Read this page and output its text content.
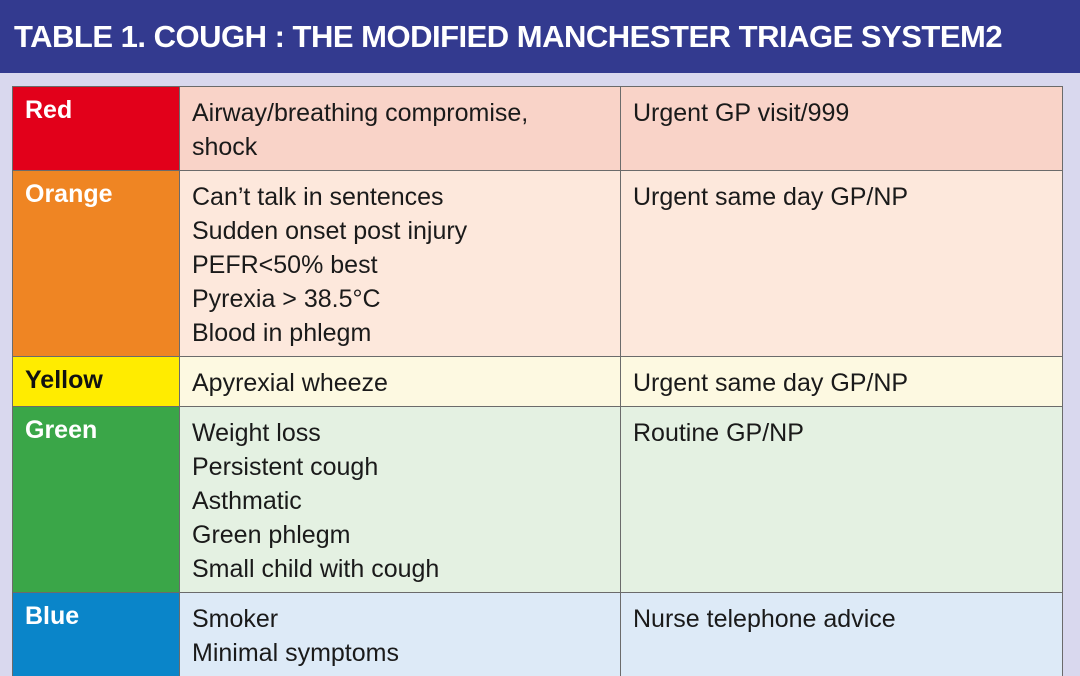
TABLE 1. COUGH : THE MODIFIED MANCHESTER TRIAGE SYSTEM2
Red	Airway/breathing compromise,
shock	Urgent GP visit/999
Orange	Can’t talk in sentences
Sudden onset post injury
PEFR<50% best
Pyrexia > 38.5°C
Blood in phlegm	Urgent same day GP/NP
Yellow	Apyrexial wheeze	Urgent same day GP/NP
Green	Weight loss
Persistent cough
Asthmatic
Green phlegm
Small child with cough	Routine GP/NP
Blue	Smoker
Minimal symptoms	Nurse telephone advice
